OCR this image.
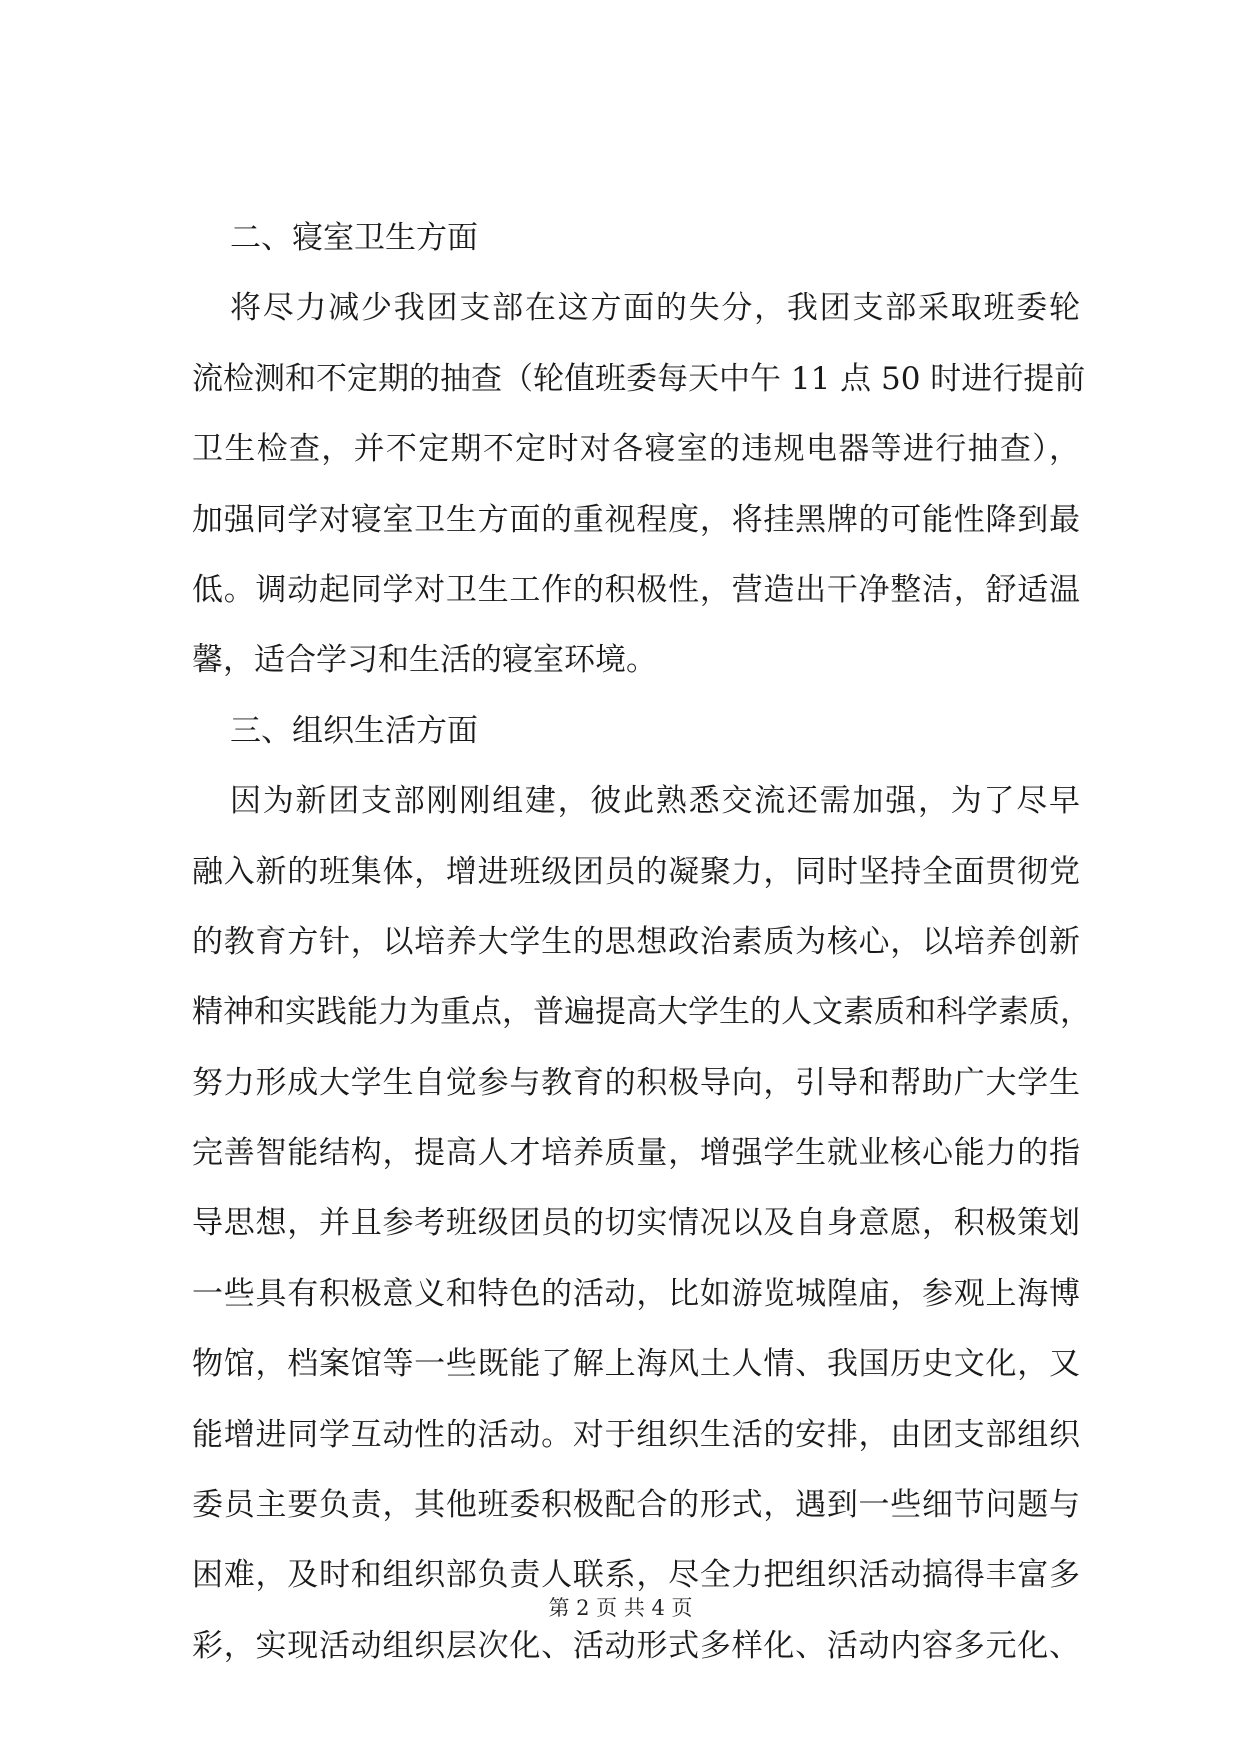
二、寝室卫生方面
将尽力减少我团支部在这方面的失分，我团支部采取班委轮
流检测和不定期的抽查（轮值班委每天中午 11 点 50 时进行提前
卫生检查，并不定期不定时对各寝室的违规电器等进行抽查），
加强同学对寝室卫生方面的重视程度，将挂黑牌的可能性降到最
低。调动起同学对卫生工作的积极性，营造出干净整洁，舒适温
馨，适合学习和生活的寝室环境。
三、组织生活方面
因为新团支部刚刚组建，彼此熟悉交流还需加强，为了尽早
融入新的班集体，增进班级团员的凝聚力，同时坚持全面贯彻党
的教育方针，以培养大学生的思想政治素质为核心，以培养创新
精神和实践能力为重点，普遍提高大学生的人文素质和科学素质，
努力形成大学生自觉参与教育的积极导向，引导和帮助广大学生
完善智能结构，提高人才培养质量，增强学生就业核心能力的指
导思想，并且参考班级团员的切实情况以及自身意愿，积极策划
一些具有积极意义和特色的活动，比如游览城隍庙，参观上海博
物馆，档案馆等一些既能了解上海风土人情、我国历史文化，又
能增进同学互动性的活动。对于组织生活的安排，由团支部组织
委员主要负责，其他班委积极配合的形式，遇到一些细节问题与
困难，及时和组织部负责人联系，尽全力把组织活动搞得丰富多
彩，实现活动组织层次化、活动形式多样化、活动内容多元化、
第 2 页 共 4 页
